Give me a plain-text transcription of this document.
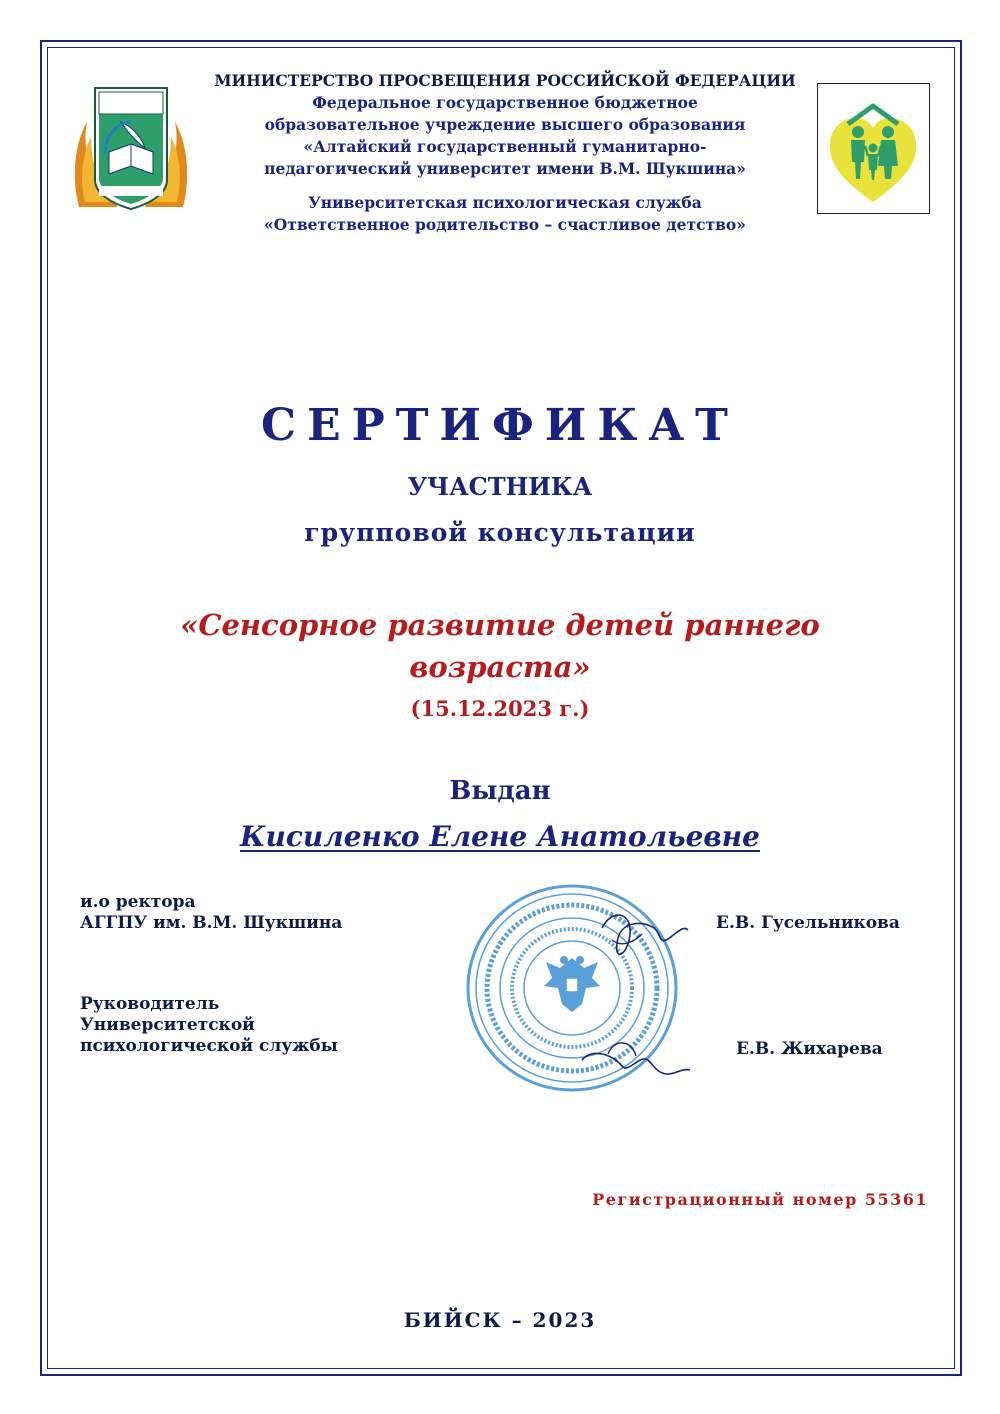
МИНИСТЕРСТВО ПРОСВЕЩЕНИЯ РОССИЙСКОЙ ФЕДЕРАЦИИ
Федеральное государственное бюджетное
образовательное учреждение высшего образования
«Алтайский государственный гуманитарно-
педагогический университет имени В.М. Шукшина»
Университетская психологическая служба
«Ответственное родительство – счастливое детство»
СЕРТИФИКАТ
УЧАСТНИКА
групповой консультации
«Сенсорное развитие детей раннего
возраста»
(15.12.2023 г.)
Выдан
Кисиленко Елене Анатольевне
и.о ректора
АГГПУ им. В.М. Шукшина	Е.В. Гусельникова
Руководитель
Университетской
психологической службы	Е.В. Жихарева
Регистрационный номер 55361
БИЙСК – 2023
